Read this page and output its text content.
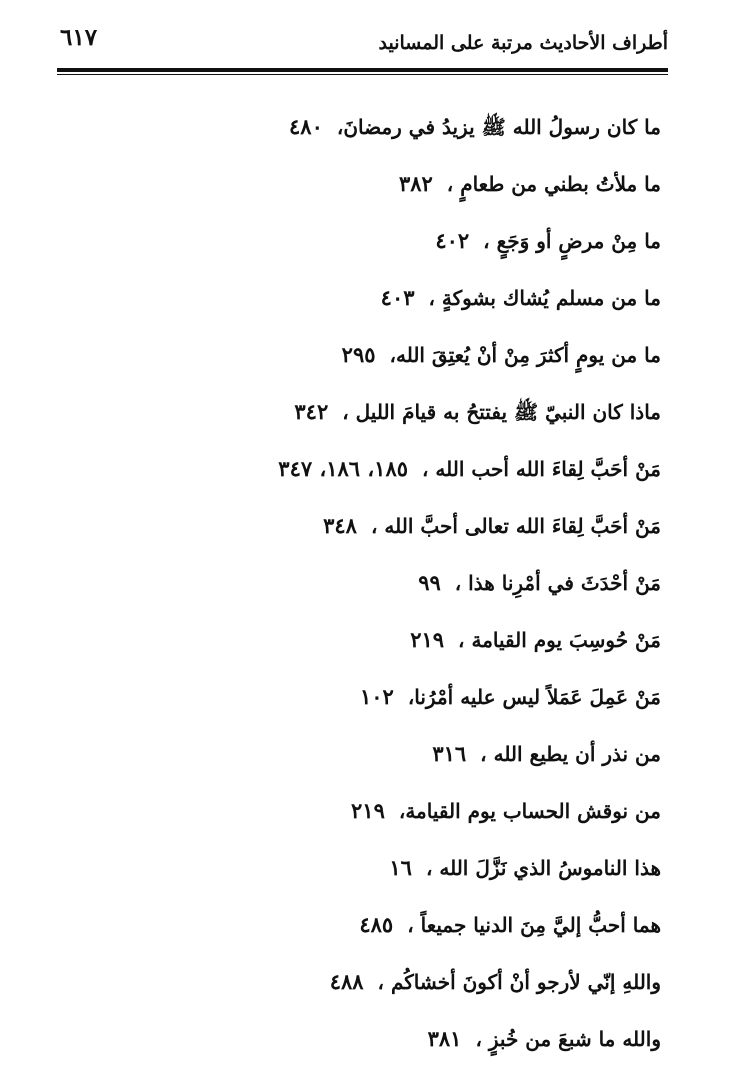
أطراف الأحاديث مرتبة على المسانيد
٦١٧
ما كان رسولُ الله ﷺ يزيدُ في رمضانَ،٤٨٠
ما ملأتُ بطني من طعامٍ ،٣٨٢
ما مِنْ مرضٍ أو وَجَعٍ ،٤٠٢
ما من مسلم يُشاك بشوكةٍ ،٤٠٣
ما من يومٍ أكثرَ مِنْ أنْ يُعتِقَ الله،٢٩٥
ماذا كان النبيّ ﷺ يفتتحُ به قيامَ الليل ،٣٤٢
مَنْ أحَبَّ لِقاءَ الله أحب الله ،١٨٥، ١٨٦، ٣٤٧
مَنْ أحَبَّ لِقاءَ الله تعالى أحبَّ الله ،٣٤٨
مَنْ أحْدَثَ في أمْرِنا هذا ،٩٩
مَنْ حُوسِبَ يوم القيامة ،٢١٩
مَنْ عَمِلَ عَمَلاً ليس عليه أمْرُنا،١٠٢
من نذر أن يطيع الله ،٣١٦
من نوقش الحساب يوم القيامة،٢١٩
هذا الناموسُ الذي نَزَّلَ الله ،١٦
هما أحبُّ إليَّ مِنَ الدنيا جميعاً ،٤٨٥
واللهِ إنّي لأرجو أنْ أكونَ أخشاكُم ،٤٨٨
والله ما شبعَ من خُبزٍ ،٣٨١
